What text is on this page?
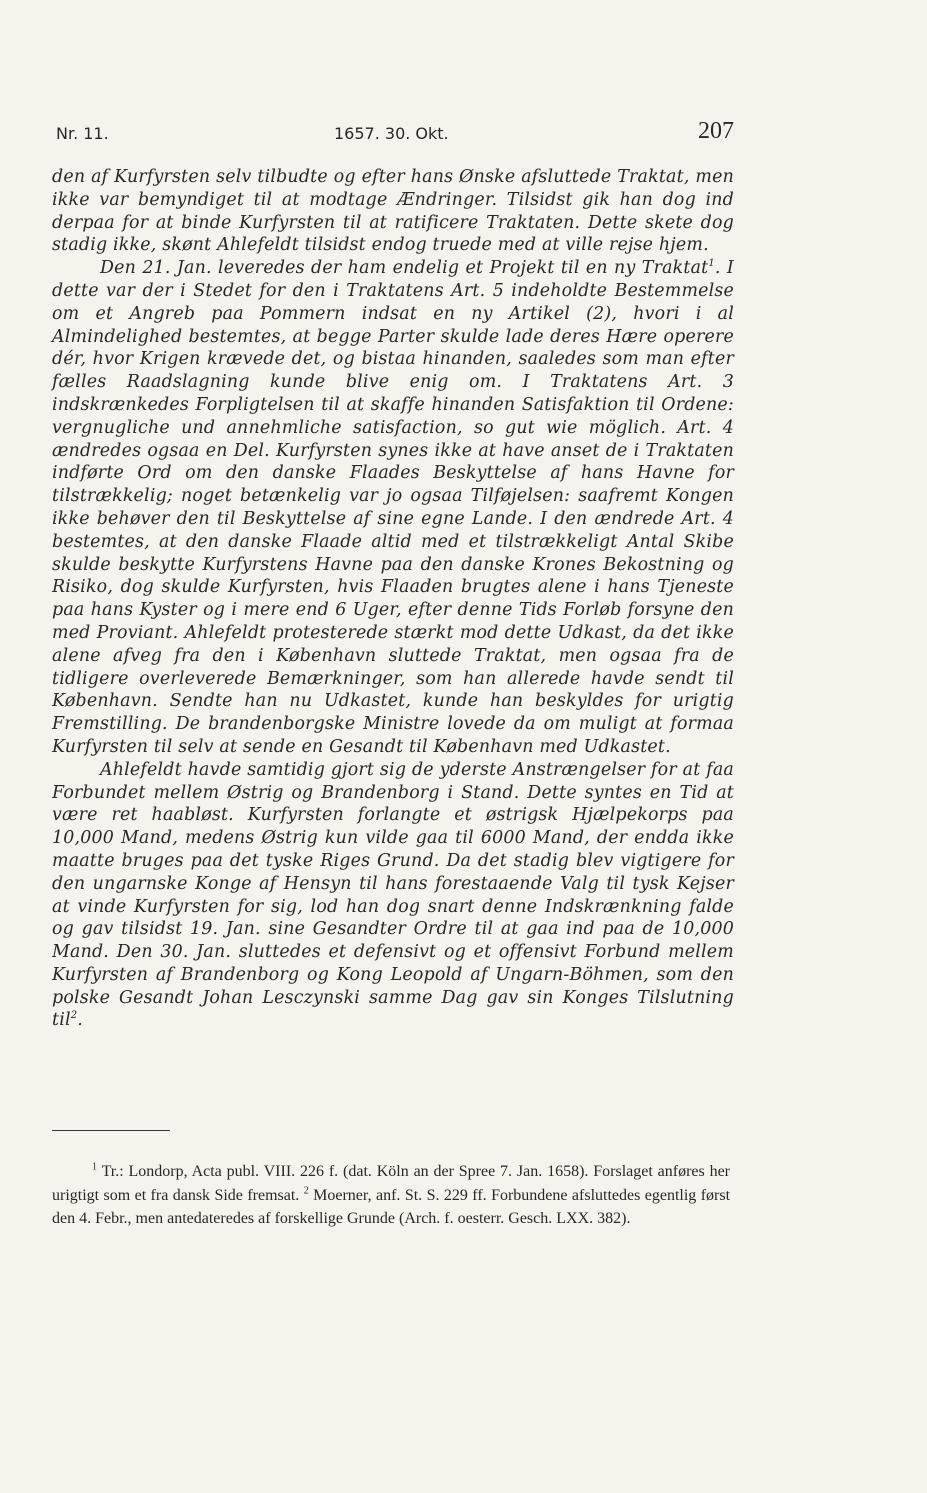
Nr. 11.	1657. 30. Okt.	207

den af Kurfyrsten selv tilbudte og efter hans Ønske afsluttede Traktat, men ikke var bemyndiget til at modtage Ændringer. Tilsidst gik han dog ind derpaa for at binde Kurfyrsten til at ratificere Traktaten. Dette skete dog stadig ikke, skønt Ahlefeldt tilsidst endog truede med at ville rejse hjem.

Den 21. Jan. leveredes der ham endelig et Projekt til en ny Traktat$^1$. I dette var der i Stedet for den i Traktatens Art. 5 indeholdte Bestemmelse om et Angreb paa Pommern indsat en ny Artikel (2), hvori i al Almindelighed bestemtes, at begge Parter skulde lade deres Hære operere dér, hvor Krigen krævede det, og bistaa hinanden, saaledes som man efter fælles Raadslagning kunde blive enig om. I Traktatens Art. 3 indskrænkedes Forpligtelsen til at skaffe hinanden Satisfaktion til Ordene: vergnugliche und annehmliche satisfaction, so gut wie möglich. Art. 4 ændredes ogsaa en Del. Kurfyrsten synes ikke at have anset de i Traktaten indførte Ord om den danske Flaades Beskyttelse af hans Havne for tilstrækkelig; noget betænkelig var jo ogsaa Tilføjelsen: saafremt Kongen ikke behøver den til Beskyttelse af sine egne Lande. I den ændrede Art. 4 bestemtes, at den danske Flaade altid med et tilstrækkeligt Antal Skibe skulde beskytte Kurfyrstens Havne paa den danske Krones Bekostning og Risiko, dog skulde Kurfyrsten, hvis Flaaden brugtes alene i hans Tjeneste paa hans Kyster og i mere end 6 Uger, efter denne Tids Forløb forsyne den med Proviant. Ahlefeldt protesterede stærkt mod dette Udkast, da det ikke alene afveg fra den i København sluttede Traktat, men ogsaa fra de tidligere overleverede Bemærkninger, som han allerede havde sendt til København. Sendte han nu Udkastet, kunde han beskyldes for urigtig Fremstilling. De brandenborgske Ministre lovede da om muligt at formaa Kurfyrsten til selv at sende en Gesandt til København med Udkastet.

Ahlefeldt havde samtidig gjort sig de yderste Anstrængelser for at faa Forbundet mellem Østrig og Brandenborg i Stand. Dette syntes en Tid at være ret haabløst. Kurfyrsten forlangte et østrigsk Hjælpekorps paa 10,000 Mand, medens Østrig kun vilde gaa til 6000 Mand, der endda ikke maatte bruges paa det tyske Riges Grund. Da det stadig blev vigtigere for den ungarnske Konge af Hensyn til hans forestaaende Valg til tysk Kejser at vinde Kurfyrsten for sig, lod han dog snart denne Indskrænkning falde og gav tilsidst 19. Jan. sine Gesandter Ordre til at gaa ind paa de 10,000 Mand. Den 30. Jan. sluttedes et defensivt og et offensivt Forbund mellem Kurfyrsten af Brandenborg og Kong Leopold af Ungarn-Böhmen, som den polske Gesandt Johan Lesczynski samme Dag gav sin Konges Tilslutning til$^2$.

$^1$ Tr.: Londorp, Acta publ. VIII. 226 f. (dat. Köln an der Spree 7. Jan. 1658). Forslaget anføres her urigtigt som et fra dansk Side fremsat. $^2$ Moerner, anf. St. S. 229 ff. Forbundene afsluttedes egentlig først den 4. Febr., men antedateredes af forskellige Grunde (Arch. f. oesterr. Gesch. LXX. 382).
